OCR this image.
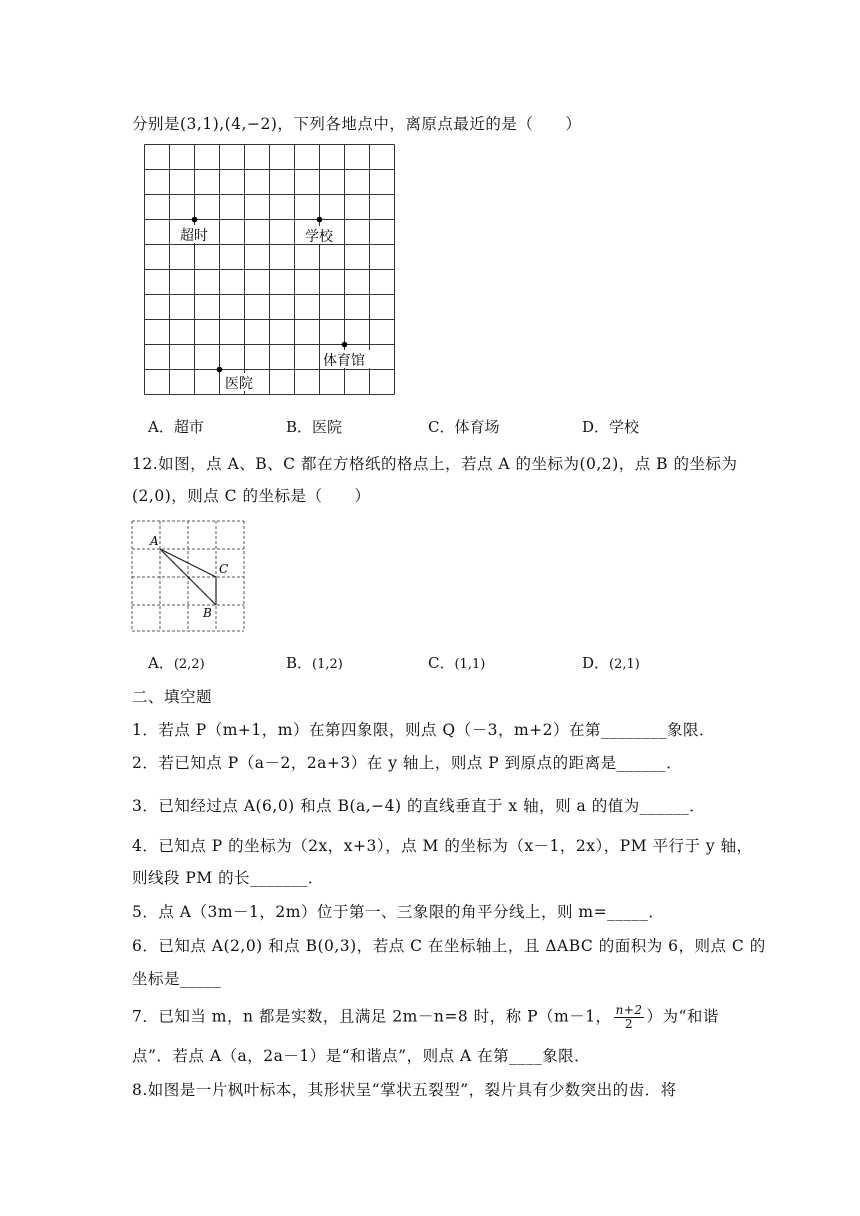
分别是(3,1),(4,−2)，下列各地点中，离原点最近的是（　　）
超时	学校
体育馆
医院
A．超市	B．医院	C．体育场	D．学校
12.如图，点 A、B、C 都在方格纸的格点上，若点 A 的坐标为(0,2)，点 B 的坐标为
(2,0)，则点 C 的坐标是（　　）
A
C
B
A．(2,2)	B．(1,2)	C．(1,1)	D．(2,1)
二、填空题
1．若点 P（m+1，m）在第四象限，则点 Q（－3，m+2）在第________象限．
2．若已知点 P（a－2，2a+3）在 y 轴上，则点 P 到原点的距离是______．
3．已知经过点 A(6,0) 和点 B(a,−4) 的直线垂直于 x 轴，则 a 的值为______．
4．已知点 P 的坐标为（2x，x+3），点 M 的坐标为（x－1，2x），PM 平行于 y 轴，
则线段 PM 的长_______．
5．点 A（3m－1，2m）位于第一、三象限的角平分线上，则 m=_____．
6．已知点 A(2,0) 和点 B(0,3)，若点 C 在坐标轴上，且 ΔABC 的面积为 6，则点 C 的
坐标是_____
7．已知当 m，n 都是实数，且满足 2m－n=8 时，称 P（m－1， $\frac{n+2}{2}$ ）为“和谐
点”．若点 A（a，2a－1）是“和谐点”，则点 A 在第____象限．
8.如图是一片枫叶标本，其形状呈“掌状五裂型”，裂片具有少数突出的齿．将
